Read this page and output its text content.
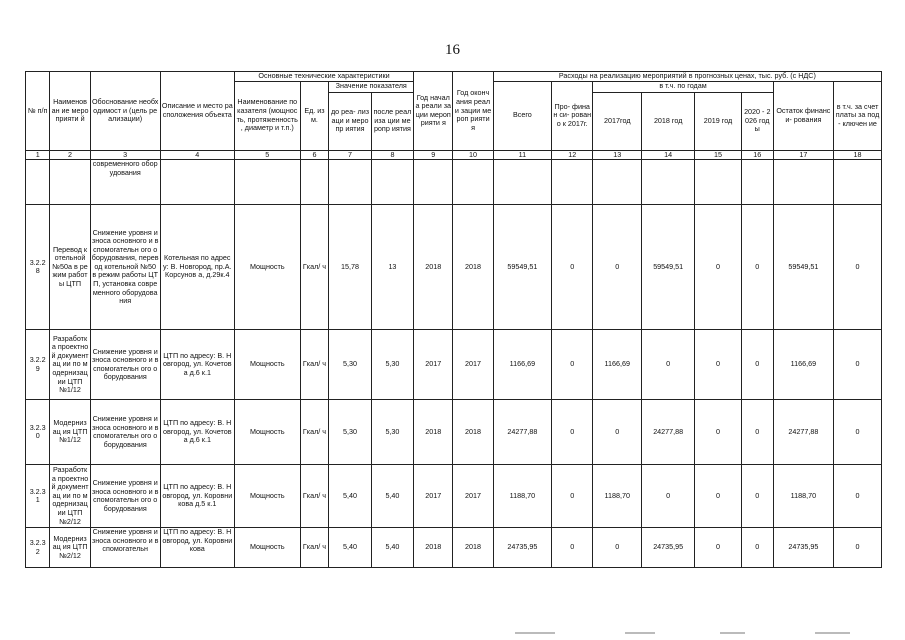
16
№ п/п	Наименован ие мероприяти й	Обоснование необходимост и (цель реализации)	Описание и место расположения объекта	Основные технические характеристики				Год начал а реали зации мероп рияти я	Год оконч ания реали зации мероп рияти я	Расходы на реализацию мероприятий в прогнозных ценах, тыс. руб. (с НДС)							
				Наименование показателя (мощность, протяженность , диаметр и т.п.)	Ед. изм.	Значение показателя				Всего	Про- финан си- рован о к 2017г.	в т.ч. по годам				Остаток финанси- рования	в т.ч. за счет платы за под- ключен ие
						до реа- лизаци и меропр иятия	после реализа ции меропр иятия					2017год	2018 год	2019 год	2020 - 2026 годы		
1	2	3	4	5	6	7	8	9	10	11	12	13	14	15	16	17	18
		современного оборудования															
3.2.2 8	Перевод котельной №50а в режим работы ЦТП	Снижение уровня износа основного и вспомогательн ого оборудования, перевод котельной №50 в режим работы ЦТП, установка современного оборудования	Котельная по адресу: В. Новгород, пр.А.Корсунов а, д.29к.4	Мощность	Гкал/ ч	15,78	13	2018	2018	59549,51	0	0	59549,51	0	0	59549,51	0
3.2.2 9	Разработка проектной документац ии по модернизац ии ЦТП №1/12	Снижение уровня износа основного и вспомогательн ого оборудования	ЦТП по адресу: В. Новгород, ул. Кочетова д.6 к.1	Мощность	Гкал/ ч	5,30	5,30	2017	2017	1166,69	0	1166,69	0	0	0	1166,69	0
3.2.3 0	Модернизац ия ЦТП №1/12	Снижение уровня износа основного и вспомогательн ого оборудования	ЦТП по адресу: В. Новгород, ул. Кочетова д.6 к.1	Мощность	Гкал/ ч	5,30	5,30	2018	2018	24277,88	0	0	24277,88	0	0	24277,88	0
3.2.3 1	Разработка проектной документац ии по модернизац ии ЦТП №2/12	Снижение уровня износа основного и вспомогательн ого оборудования	ЦТП по адресу: В. Новгород, ул. Коровникова д.5 к.1	Мощность	Гкал/ ч	5,40	5,40	2017	2017	1188,70	0	1188,70	0	0	0	1188,70	0
3.2.3 2	Модернизац ия ЦТП №2/12	Снижение уровня износа основного и вспомогательн	ЦТП по адресу: В. Новгород, ул. Коровникова	Мощность	Гкал/ ч	5,40	5,40	2018	2018	24735,95	0	0	24735,95	0	0	24735,95	0
